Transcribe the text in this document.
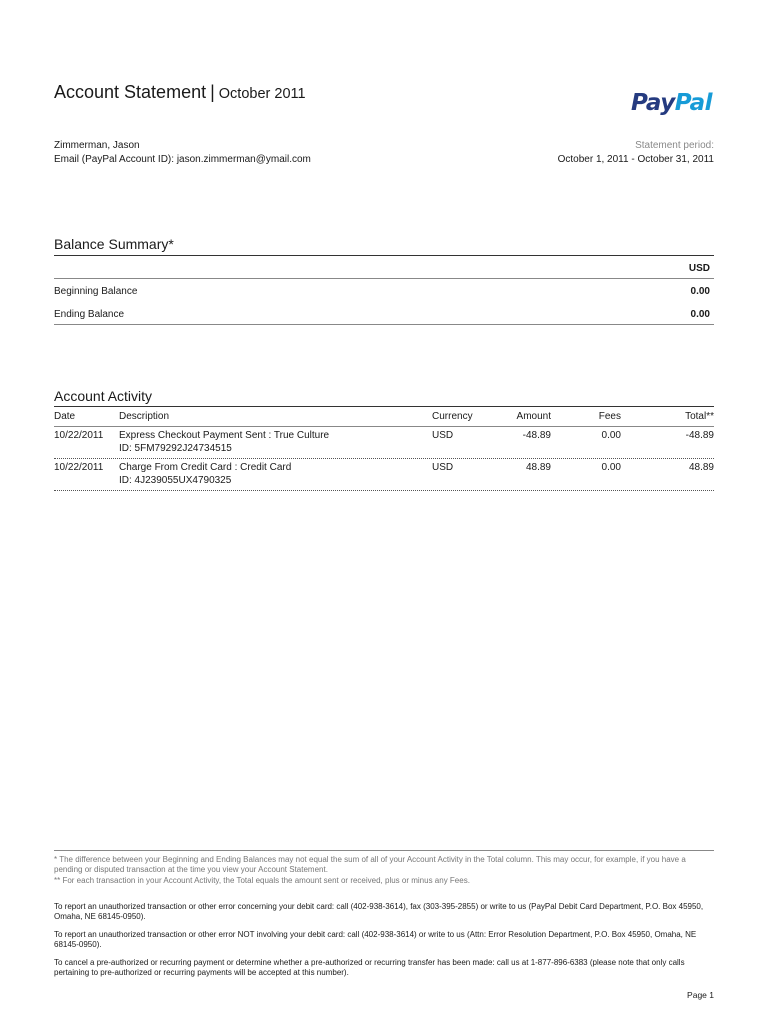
Account Statement | October 2011	PayPal
Zimmerman, Jason
Email (PayPal Account ID): jason.zimmerman@ymail.com
Statement period:
October 1, 2011 - October 31, 2011
Balance Summary*
USD
Beginning Balance	0.00
Ending Balance	0.00
Account Activity
Date	Description	Currency	Amount	Fees	Total**
10/22/2011 Express Checkout Payment Sent : True Culture
ID: 5FM79292J24734515
USD	-48.89	0.00	-48.89
10/22/2011 Charge From Credit Card : Credit Card
ID: 4J239055UX4790325
USD	48.89	0.00	48.89

* The difference between your Beginning and Ending Balances may not equal the sum of all of your Account Activity in the Total column. This may occur, for example, if you have a pending or disputed transaction at the time you view your Account Statement.

** For each transaction in your Account Activity, the Total equals the amount sent or received, plus or minus any Fees.

To report an unauthorized transaction or other error concerning your debit card: call (402-938-3614), fax (303-395-2855) or write to us (PayPal Debit Card Department, P.O. Box 45950, Omaha, NE 68145-0950).
To report an unauthorized transaction or other error NOT involving your debit card: call (402-938-3614) or write to us (Attn: Error Resolution Department, P.O. Box 45950, Omaha, NE 68145-0950).
To cancel a pre-authorized or recurring payment or determine whether a pre-authorized or recurring transfer has been made: call us at 1-877-896-6383 (please note that only calls pertaining to pre-authorized or recurring payments will be accepted at this number).
Page 1
